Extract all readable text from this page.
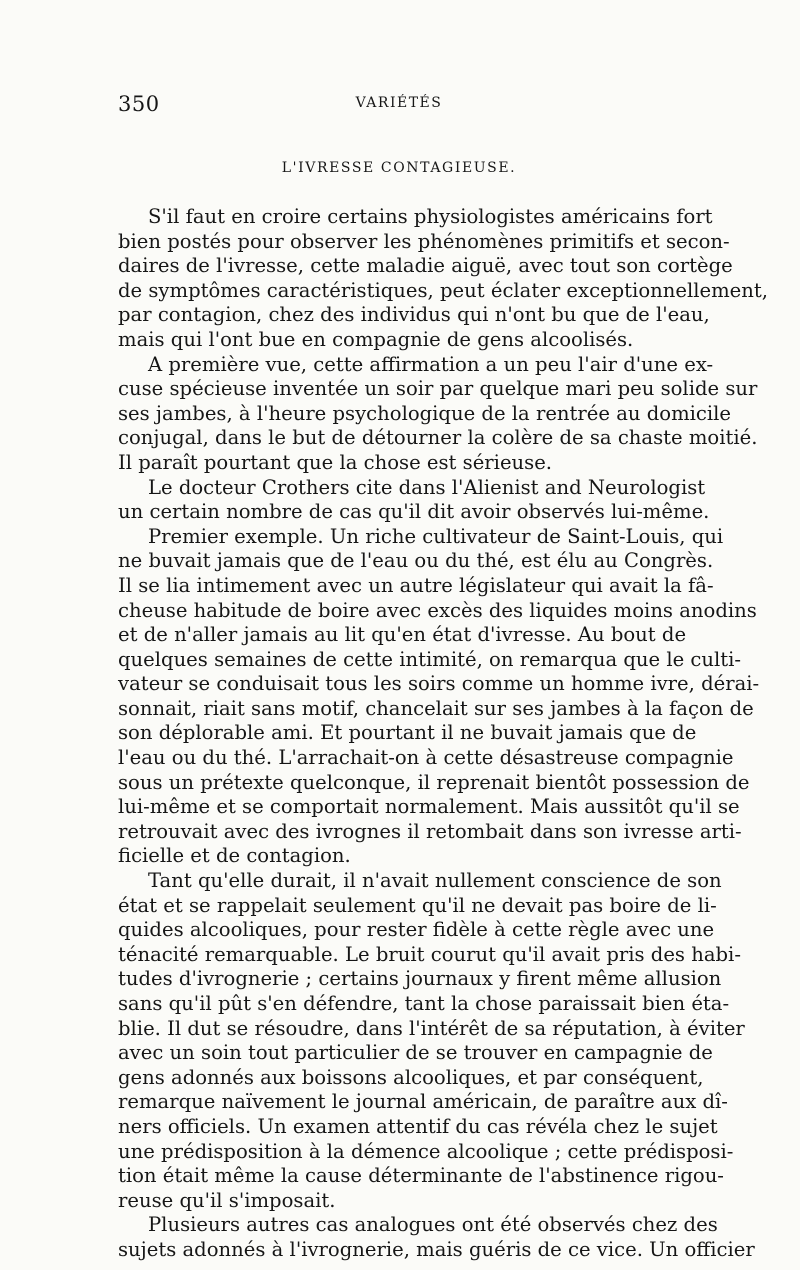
350	VARIÉTÉS
L'IVRESSE CONTAGIEUSE.
S'il faut en croire certains physiologistes américains fort
bien postés pour observer les phénomènes primitifs et secon-
daires de l'ivresse, cette maladie aiguë, avec tout son cortège
de symptômes caractéristiques, peut éclater exceptionnellement,
par contagion, chez des individus qui n'ont bu que de l'eau,
mais qui l'ont bue en compagnie de gens alcoolisés.
A première vue, cette affirmation a un peu l'air d'une ex-
cuse spécieuse inventée un soir par quelque mari peu solide sur
ses jambes, à l'heure psychologique de la rentrée au domicile
conjugal, dans le but de détourner la colère de sa chaste moitié.
Il paraît pourtant que la chose est sérieuse.
Le docteur Crothers cite dans l'Alienist and Neurologist
un certain nombre de cas qu'il dit avoir observés lui-même.
Premier exemple. Un riche cultivateur de Saint-Louis, qui
ne buvait jamais que de l'eau ou du thé, est élu au Congrès.
Il se lia intimement avec un autre législateur qui avait la fâ-
cheuse habitude de boire avec excès des liquides moins anodins
et de n'aller jamais au lit qu'en état d'ivresse. Au bout de
quelques semaines de cette intimité, on remarqua que le culti-
vateur se conduisait tous les soirs comme un homme ivre, dérai-
sonnait, riait sans motif, chancelait sur ses jambes à la façon de
son déplorable ami. Et pourtant il ne buvait jamais que de
l'eau ou du thé. L'arrachait-on à cette désastreuse compagnie
sous un prétexte quelconque, il reprenait bientôt possession de
lui-même et se comportait normalement. Mais aussitôt qu'il se
retrouvait avec des ivrognes il retombait dans son ivresse arti-
ficielle et de contagion.
Tant qu'elle durait, il n'avait nullement conscience de son
état et se rappelait seulement qu'il ne devait pas boire de li-
quides alcooliques, pour rester fidèle à cette règle avec une
ténacité remarquable. Le bruit courut qu'il avait pris des habi-
tudes d'ivrognerie ; certains journaux y firent même allusion
sans qu'il pût s'en défendre, tant la chose paraissait bien éta-
blie. Il dut se résoudre, dans l'intérêt de sa réputation, à éviter
avec un soin tout particulier de se trouver en campagnie de
gens adonnés aux boissons alcooliques, et par conséquent,
remarque naïvement le journal américain, de paraître aux dî-
ners officiels. Un examen attentif du cas révéla chez le sujet
une prédisposition à la démence alcoolique ; cette prédisposi-
tion était même la cause déterminante de l'abstinence rigou-
reuse qu'il s'imposait.
Plusieurs autres cas analogues ont été observés chez des
sujets adonnés à l'ivrognerie, mais guéris de ce vice. Un officier
